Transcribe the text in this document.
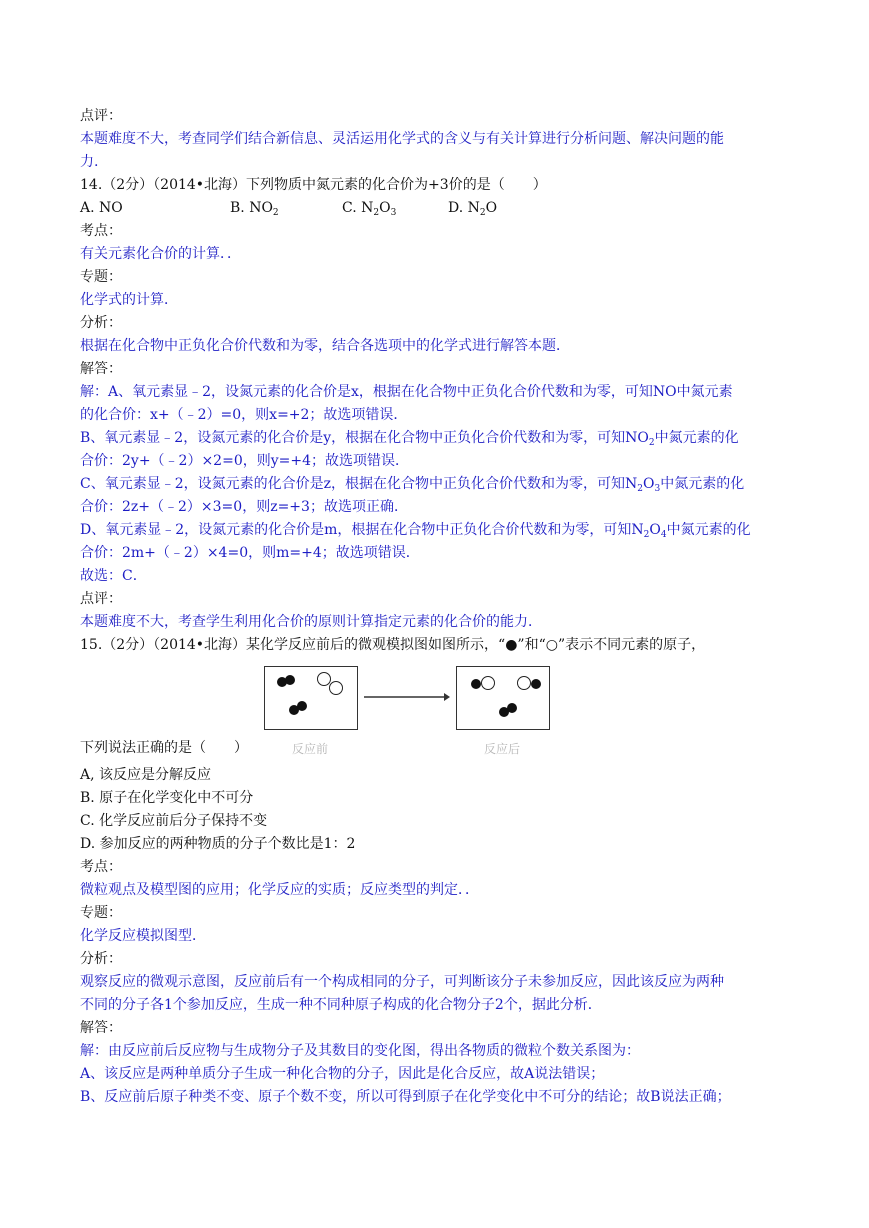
点评：
本题难度不大，考查同学们结合新信息、灵活运用化学式的含义与有关计算进行分析问题、解决问题的能
力.
14.（2分）（2014•北海）下列物质中氮元素的化合价为+3价的是（　　）
A. NO	B. $NO_2$	C. $N_2O_3$	D. $N_2O$
考点：
有关元素化合价的计算．．
专题：
化学式的计算．
分析：
根据在化合物中正负化合价代数和为零，结合各选项中的化学式进行解答本题．
解答：
解：A、氧元素显﹣2，设氮元素的化合价是x，根据在化合物中正负化合价代数和为零，可知NO中氮元素
的化合价：x+（﹣2）=0，则x=+2；故选项错误．
B、氧元素显﹣2，设氮元素的化合价是y，根据在化合物中正负化合价代数和为零，可知$NO_2$中氮元素的化
合价：2y+（﹣2）×2=0，则y=+4；故选项错误．
C、氧元素显﹣2，设氮元素的化合价是z，根据在化合物中正负化合价代数和为零，可知$N_2O_3$中氮元素的化
合价：2z+（﹣2）×3=0，则z=+3；故选项正确．
D、氧元素显﹣2，设氮元素的化合价是m，根据在化合物中正负化合价代数和为零，可知$N_2O_4$中氮元素的化
合价：2m+（﹣2）×4=0，则m=+4；故选项错误．
故选：C．
点评：
本题难度不大，考查学生利用化合价的原则计算指定元素的化合价的能力．
15.（2分）（2014•北海）某化学反应前后的微观模拟图如图所示，“●”和“○”表示不同元素的原子，
反应前	反应后
下列说法正确的是（　　）
A, 该反应是分解反应
B. 原子在化学变化中不可分
C. 化学反应前后分子保持不变
D. 参加反应的两种物质的分子个数比是1：2
考点：
微粒观点及模型图的应用；化学反应的实质；反应类型的判定．．
专题：
化学反应模拟图型．
分析：
观察反应的微观示意图，反应前后有一个构成相同的分子，可判断该分子未参加反应，因此该反应为两种
不同的分子各1个参加反应，生成一种不同种原子构成的化合物分子2个，据此分析．
解答：
解：由反应前后反应物与生成物分子及其数目的变化图，得出各物质的微粒个数关系图为：
A、该反应是两种单质分子生成一种化合物的分子，因此是化合反应，故A说法错误；
B、反应前后原子种类不变、原子个数不变，所以可得到原子在化学变化中不可分的结论；故B说法正确；
